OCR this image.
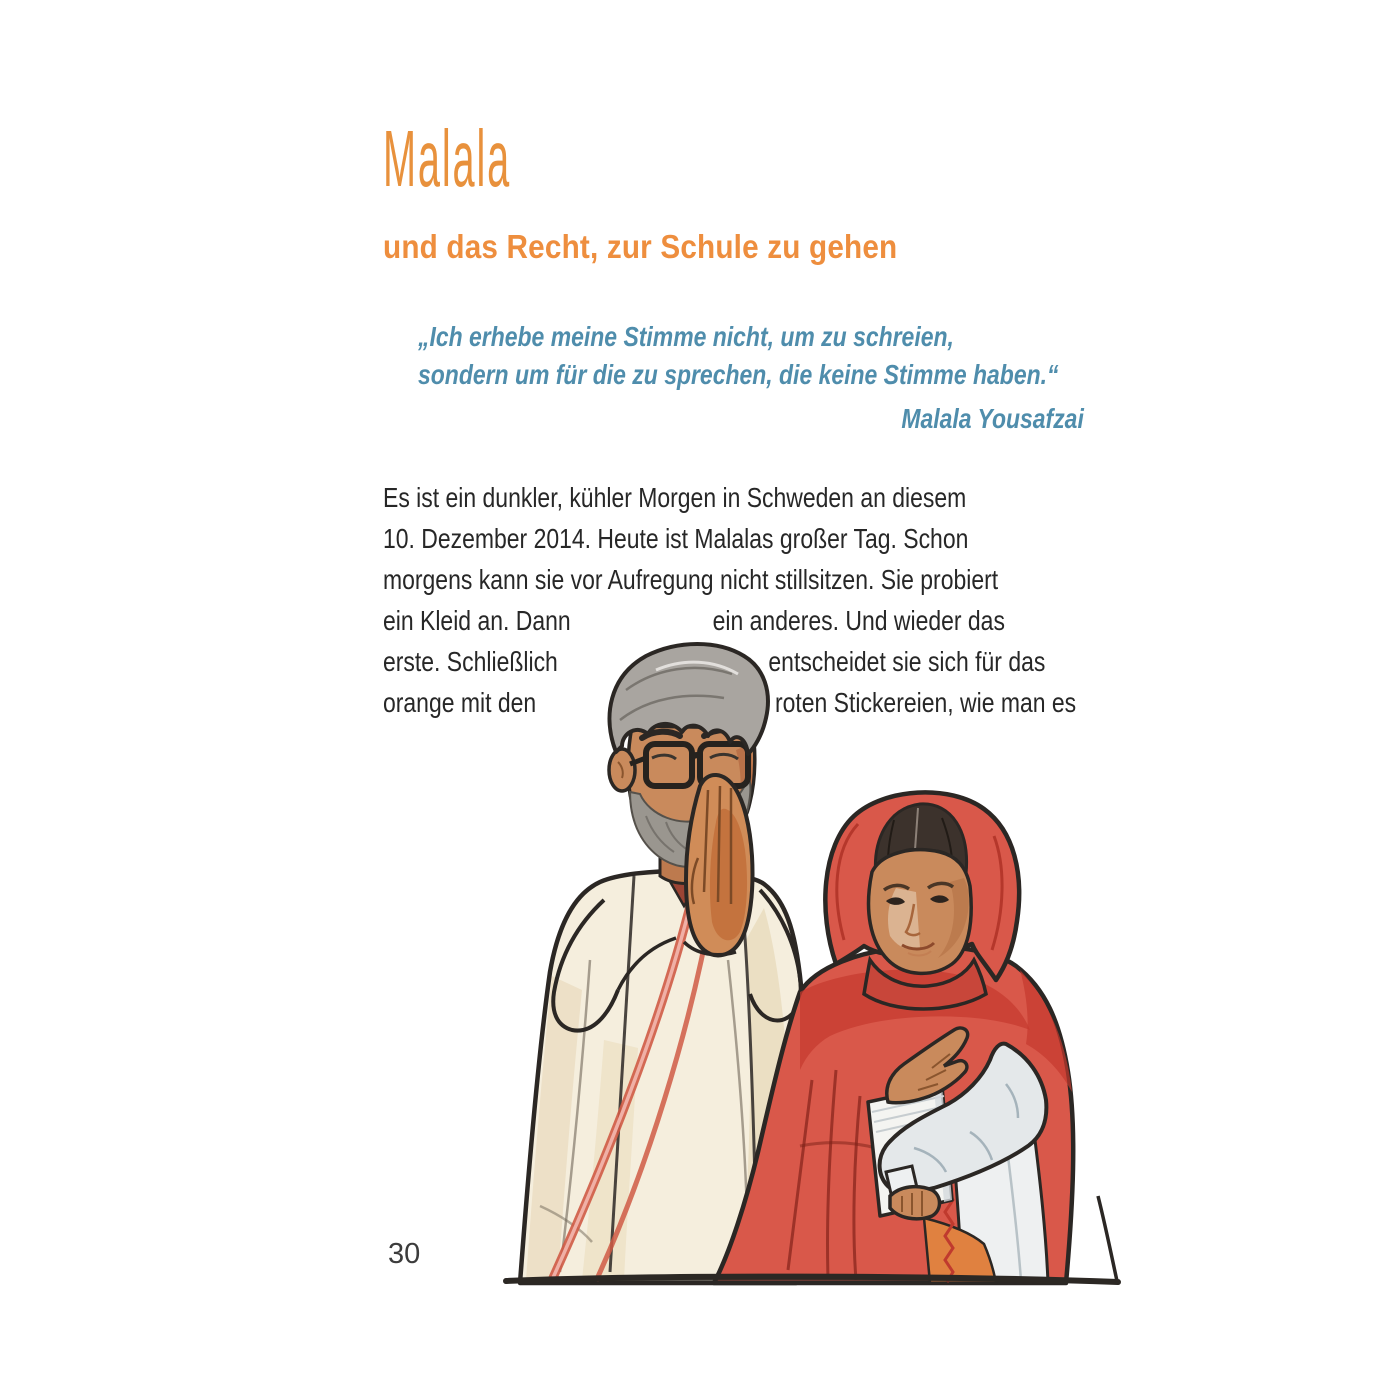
Malala
und das Recht, zur Schule zu gehen
„Ich erhebe meine Stimme nicht, um zu schreien,
sondern um für die zu sprechen, die keine Stimme haben.“
Malala Yousafzai
Es ist ein dunkler, kühler Morgen in Schweden an diesem
10. Dezember 2014. Heute ist Malalas großer Tag. Schon
morgens kann sie vor Aufregung nicht stillsitzen. Sie probiert
ein Kleid an. Dann	ein anderes. Und wieder das
erste. Schließlich	entscheidet sie sich für das
orange mit den	roten Stickereien, wie man es
30
